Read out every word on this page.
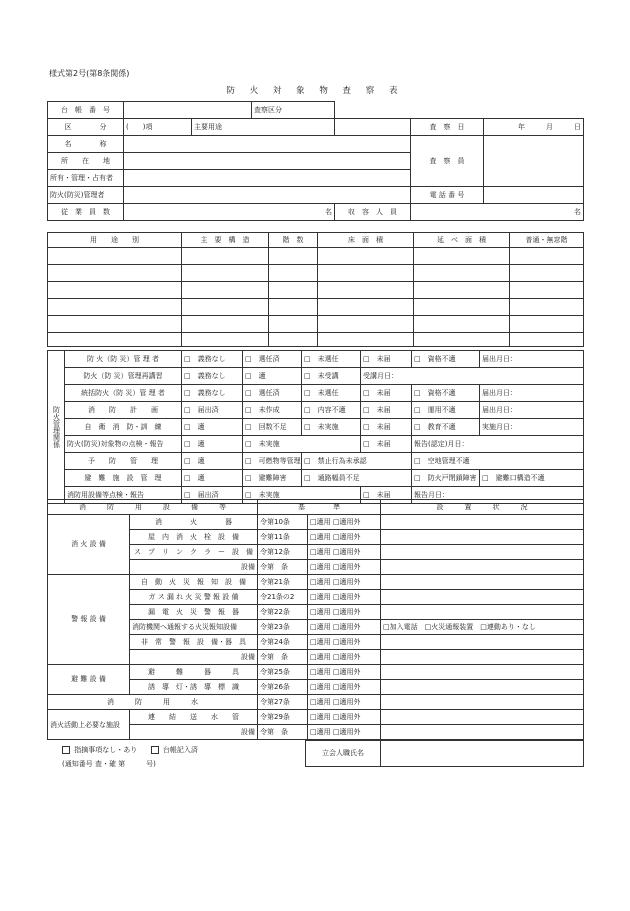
様式第2号(第8条関係)
防 火 対 象 物 査 察 表
台　帳　番　号			査察区分			
区　　　　分	(　　)項	主要用途			査　察　日	年　　　月　　　日
名　　　　称					査　察　員	
所　　在　　地						
所有・管理・占有者						
防火(防災)管理者					電 話 番 号	
従　業　員　数	名			収　容　人　員	名	
用　　途　　別	主　要　構　造	階　数	床　面　積	延　べ　面　積	普通・無窓階

防火管理関係	防 火（防 災）管 理 者	□　義務なし	□　選任済	□　未選任	□　未届	□　資格不適	届出月日：
	防火（防 災）管理再講習	□　義務なし	□　適	□　未受講	受講月日：		
	統括防火（防 災）管 理 者	□　義務なし	□　選任済	□　未選任	□　未届	□　資格不適	届出月日：
	消　　防　　計　　画	□　届出済	□　未作成	□　内容不適	□　未届	□　運用不適	届出月日：
	自　衛　消　防・訓　練	□　適	□　回数不足	□　未実施	□　未届	□　教育不適	実施月日：
	防火(防災)対象物の点検・報告	□　適	□　未実施		□　未届	報告(認定)月日：	
	予　　防　　管　　理	□　適	□　可燃物等管理	□　禁止行為未承認		□　空地管理不適	
	避　難　施　設　管　理	□　適	□　避難障害	□　通路幅員不足		□　防火戸閉鎖障害	□　避難口構造不適
	消防用設備等点検・報告	□　届出済	□　未実施		□　未届	報告月日：	
消　　　防　　　用　　　設　　　備　　　等		基　　　　準		設　　　置　　　状　　　況
消 火 設 備	消　　　　火　　　　器	令第10条	□適用 □適用外	
	屋　内　消　火　栓　設　備	令第11条	□適用 □適用外	
	ス　プ　リ　ン　ク　ラ　ー　設　備	令第12条	□適用 □適用外	
	設備	令第　条	□適用 □適用外	
警 報 設 備	自　動　火　災　報　知　設　備	令第21条	□適用 □適用外	
	ガ ス 漏 れ 火 災 警 報 設 備	令21条の2	□適用 □適用外	
	漏　電　火　災　警　報　器	令第22条	□適用 □適用外	
	消防機関へ通報する火災報知設備	令第23条	□適用 □適用外	□加入電話　□火災通報装置　□連動あり・なし
	非　常　警　報　設　備・器　具	令第24条	□適用 □適用外	
	設備	令第　条	□適用 □適用外	
避 難 設 備	避　　　難　　　器　　　具	令第25条	□適用 □適用外	
	誘　導　灯・誘　導　標　識	令第26条	□適用 □適用外	
消　　　防　　　用　　　水		令第27条	□適用 □適用外	
消火活動上必要な施設	連　　結　　送　　水　　管	令第29条	□適用 □適用外	
	設備	令第　条	□適用 □適用外	
立会人職氏名	
指摘事項なし・あり	台帳記入済
(通知番号 査・確 第　　　号)
